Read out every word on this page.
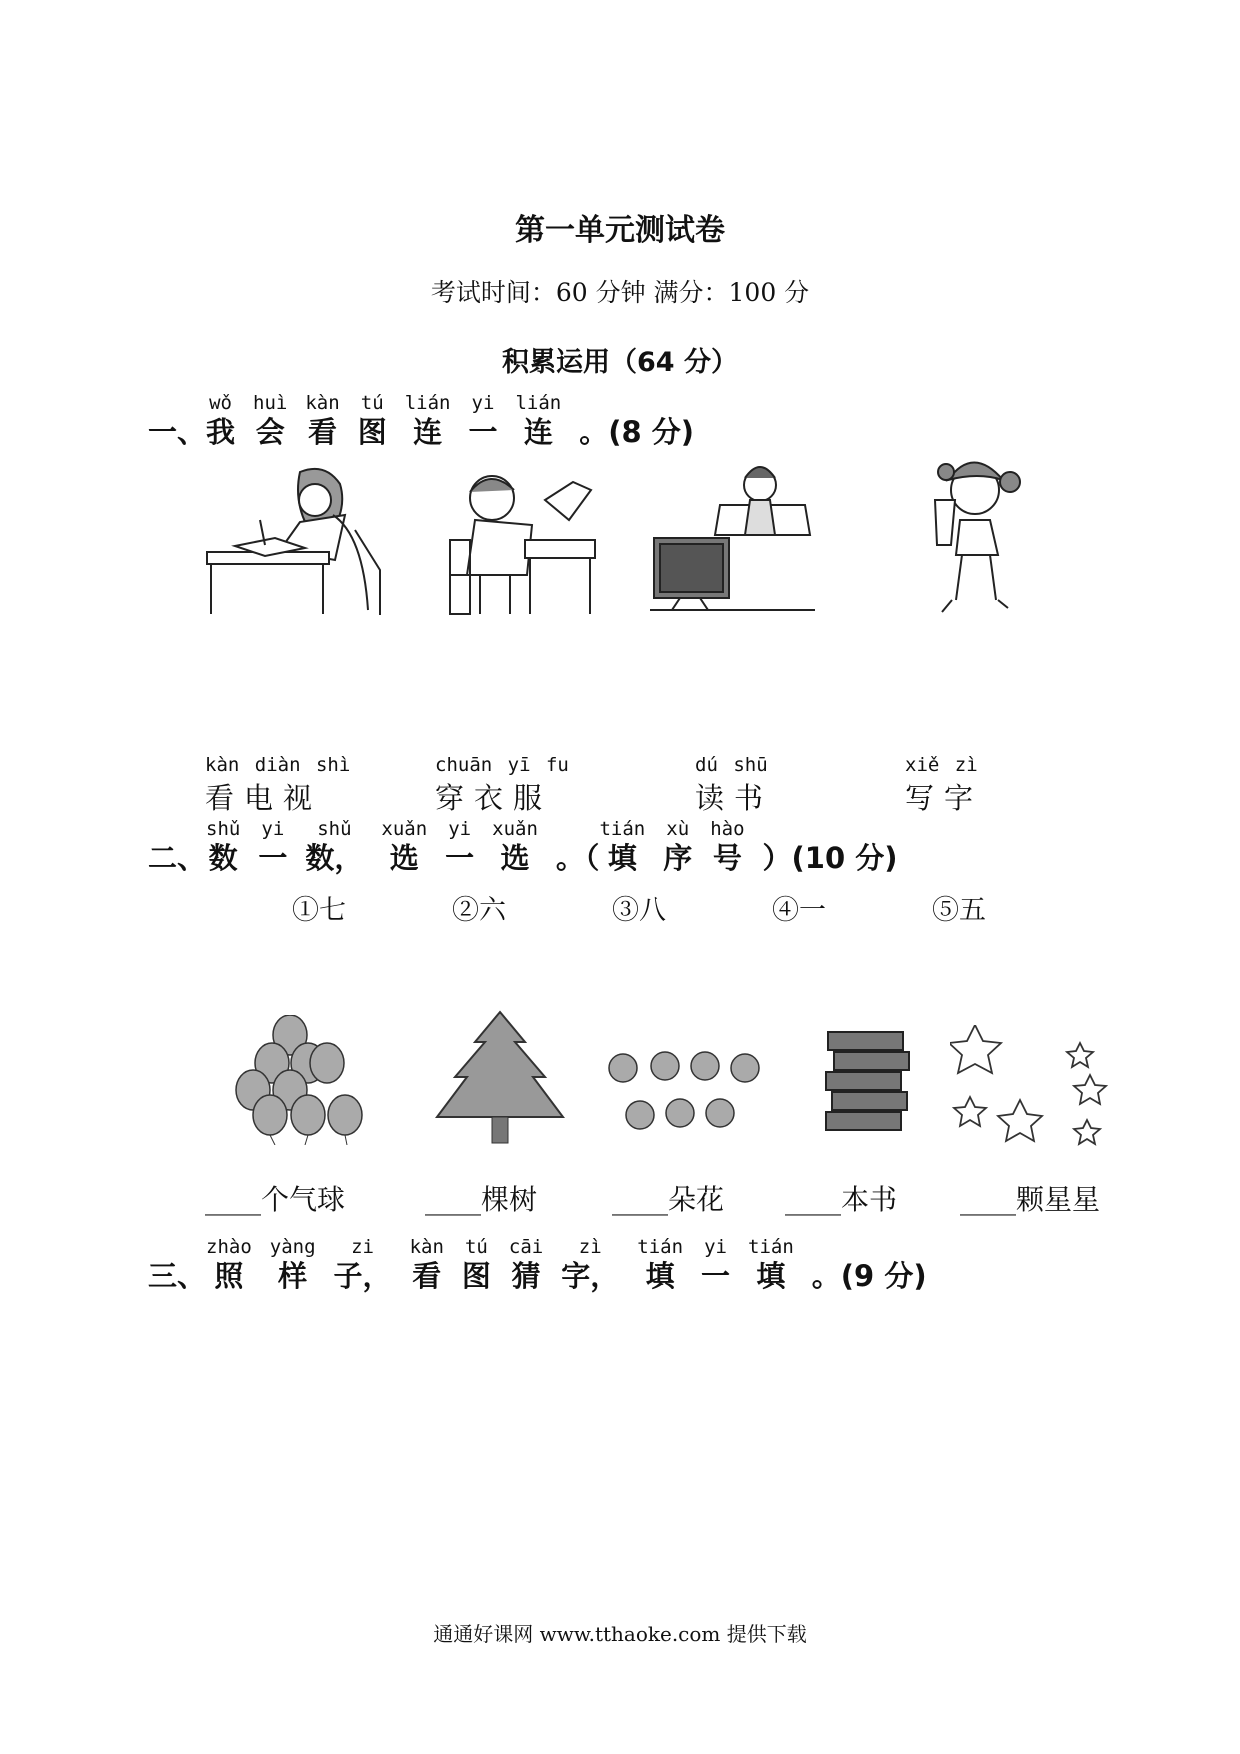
第一单元测试卷
考试时间：60 分钟 满分：100 分
积累运用（64 分）
一、
wǒ
我
huì
会
kàn
看
tú
图
lián
连
yi
一
lián
连 。(8 分)
kàn diàn shì
看电视
chuān yī fu
穿衣服
dú shū
读书
xiě zì
写字
二、
shǔ
数
yi
一
shǔ
数，
xuǎn
选
yi
一
xuǎn
选 。（
tián
填
xù
序
hào
号 ）(10 分)
①七	②六	③八	④一	⑤五
____个气球	____棵树	____朵花 ____本书 ____颗星星
三、
zhào
照
yàng
样
zi
子，
kàn
看
tú
图
cāi
猜
zì
字，
tián
填
yi
一
tián
填 。(9 分)
通通好课网 www.tthaoke.com 提供下载
